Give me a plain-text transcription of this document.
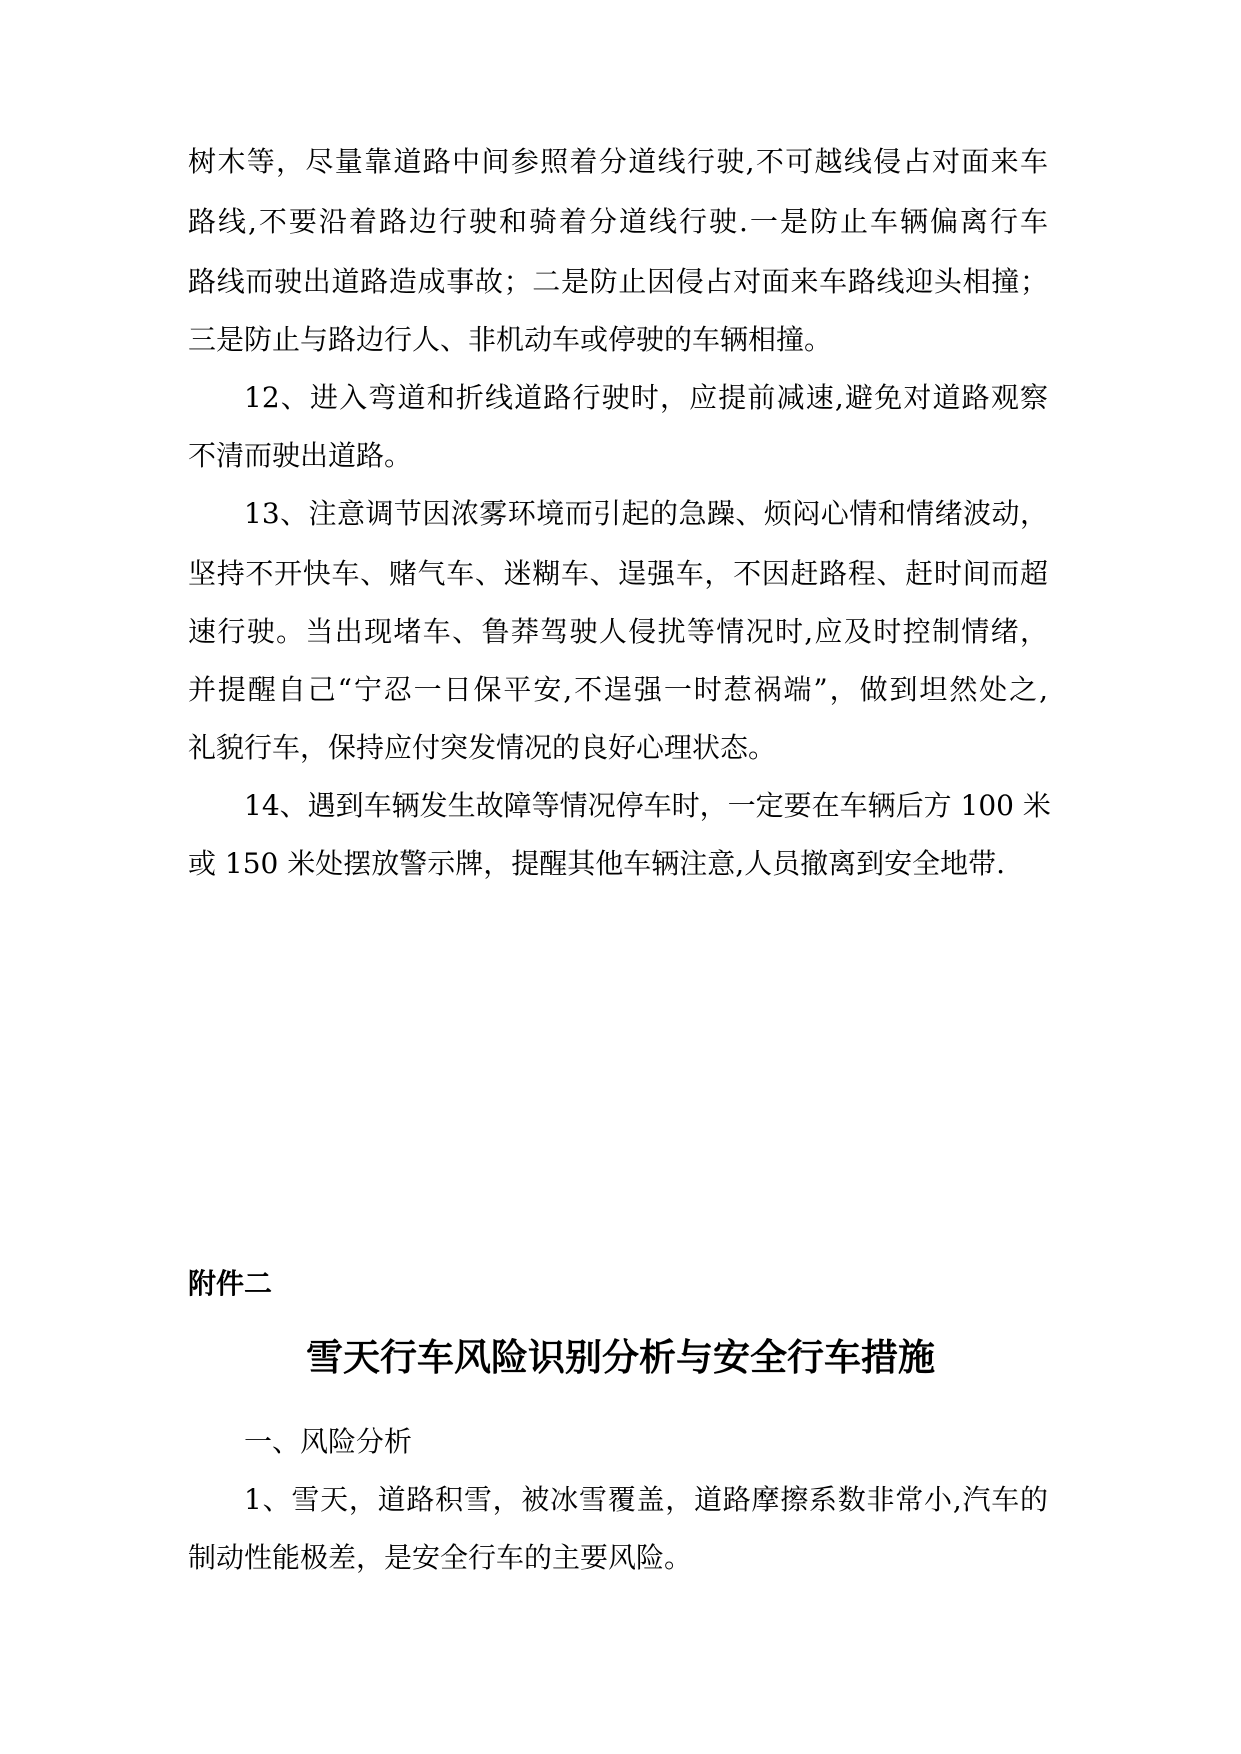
树木等，尽量靠道路中间参照着分道线行驶,不可越线侵占对面来车
路线,不要沿着路边行驶和骑着分道线行驶.一是防止车辆偏离行车
路线而驶出道路造成事故；二是防止因侵占对面来车路线迎头相撞；
三是防止与路边行人、非机动车或停驶的车辆相撞。
12、进入弯道和折线道路行驶时，应提前减速,避免对道路观察
不清而驶出道路。
13、注意调节因浓雾环境而引起的急躁、烦闷心情和情绪波动，
坚持不开快车、赌气车、迷糊车、逞强车，不因赶路程、赶时间而超
速行驶。当出现堵车、鲁莽驾驶人侵扰等情况时,应及时控制情绪，
并提醒自己“宁忍一日保平安,不逞强一时惹祸端”，做到坦然处之,
礼貌行车，保持应付突发情况的良好心理状态。
14、遇到车辆发生故障等情况停车时，一定要在车辆后方 100 米
或 150 米处摆放警示牌，提醒其他车辆注意,人员撤离到安全地带.
附件二
雪天行车风险识别分析与安全行车措施
一、风险分析
1、雪天，道路积雪，被冰雪覆盖，道路摩擦系数非常小,汽车的
制动性能极差，是安全行车的主要风险。
